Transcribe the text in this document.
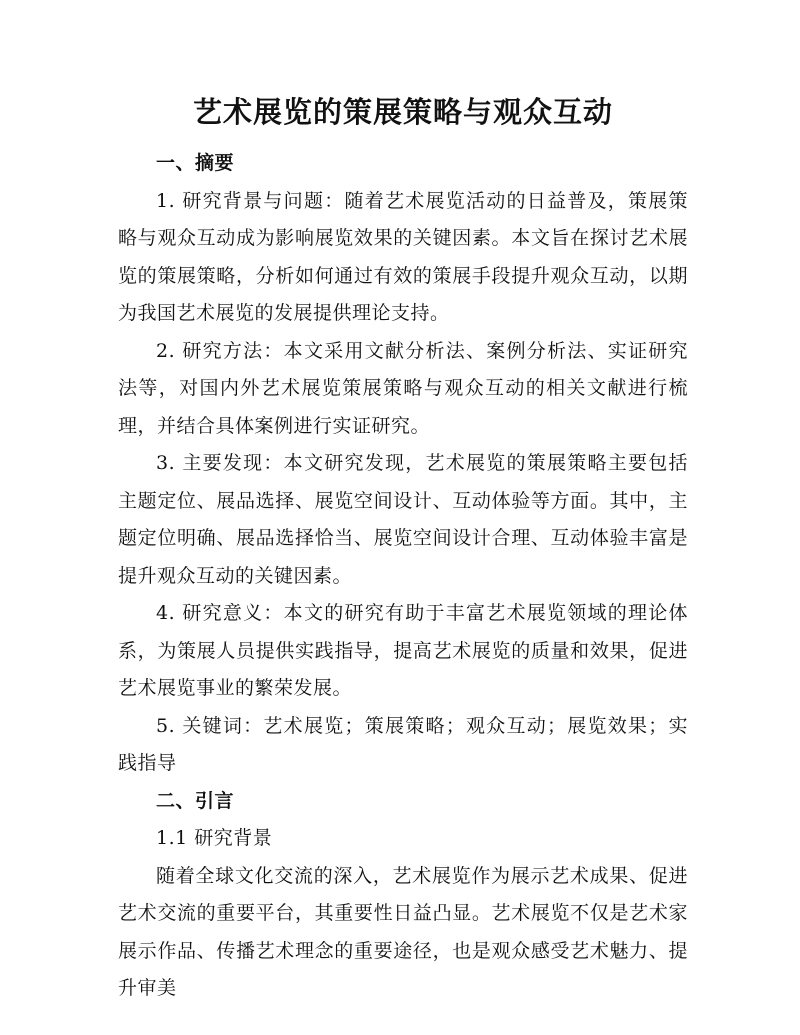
艺术展览的策展策略与观众互动
一、摘要

1. 研究背景与问题：随着艺术展览活动的日益普及，策展策略与观众互动成为影响展览效果的关键因素。本文旨在探讨艺术展览的策展策略，分析如何通过有效的策展手段提升观众互动，以期为我国艺术展览的发展提供理论支持。

2. 研究方法：本文采用文献分析法、案例分析法、实证研究法等，对国内外艺术展览策展策略与观众互动的相关文献进行梳理，并结合具体案例进行实证研究。

3. 主要发现：本文研究发现，艺术展览的策展策略主要包括主题定位、展品选择、展览空间设计、互动体验等方面。其中，主题定位明确、展品选择恰当、展览空间设计合理、互动体验丰富是提升观众互动的关键因素。

4. 研究意义：本文的研究有助于丰富艺术展览领域的理论体系，为策展人员提供实践指导，提高艺术展览的质量和效果，促进艺术展览事业的繁荣发展。

5. 关键词：艺术展览；策展策略；观众互动；展览效果；实践指导

二、引言

1.1 研究背景

随着全球文化交流的深入，艺术展览作为展示艺术成果、促进艺术交流的重要平台，其重要性日益凸显。艺术展览不仅是艺术家展示作品、传播艺术理念的重要途径，也是观众感受艺术魅力、提升审美
